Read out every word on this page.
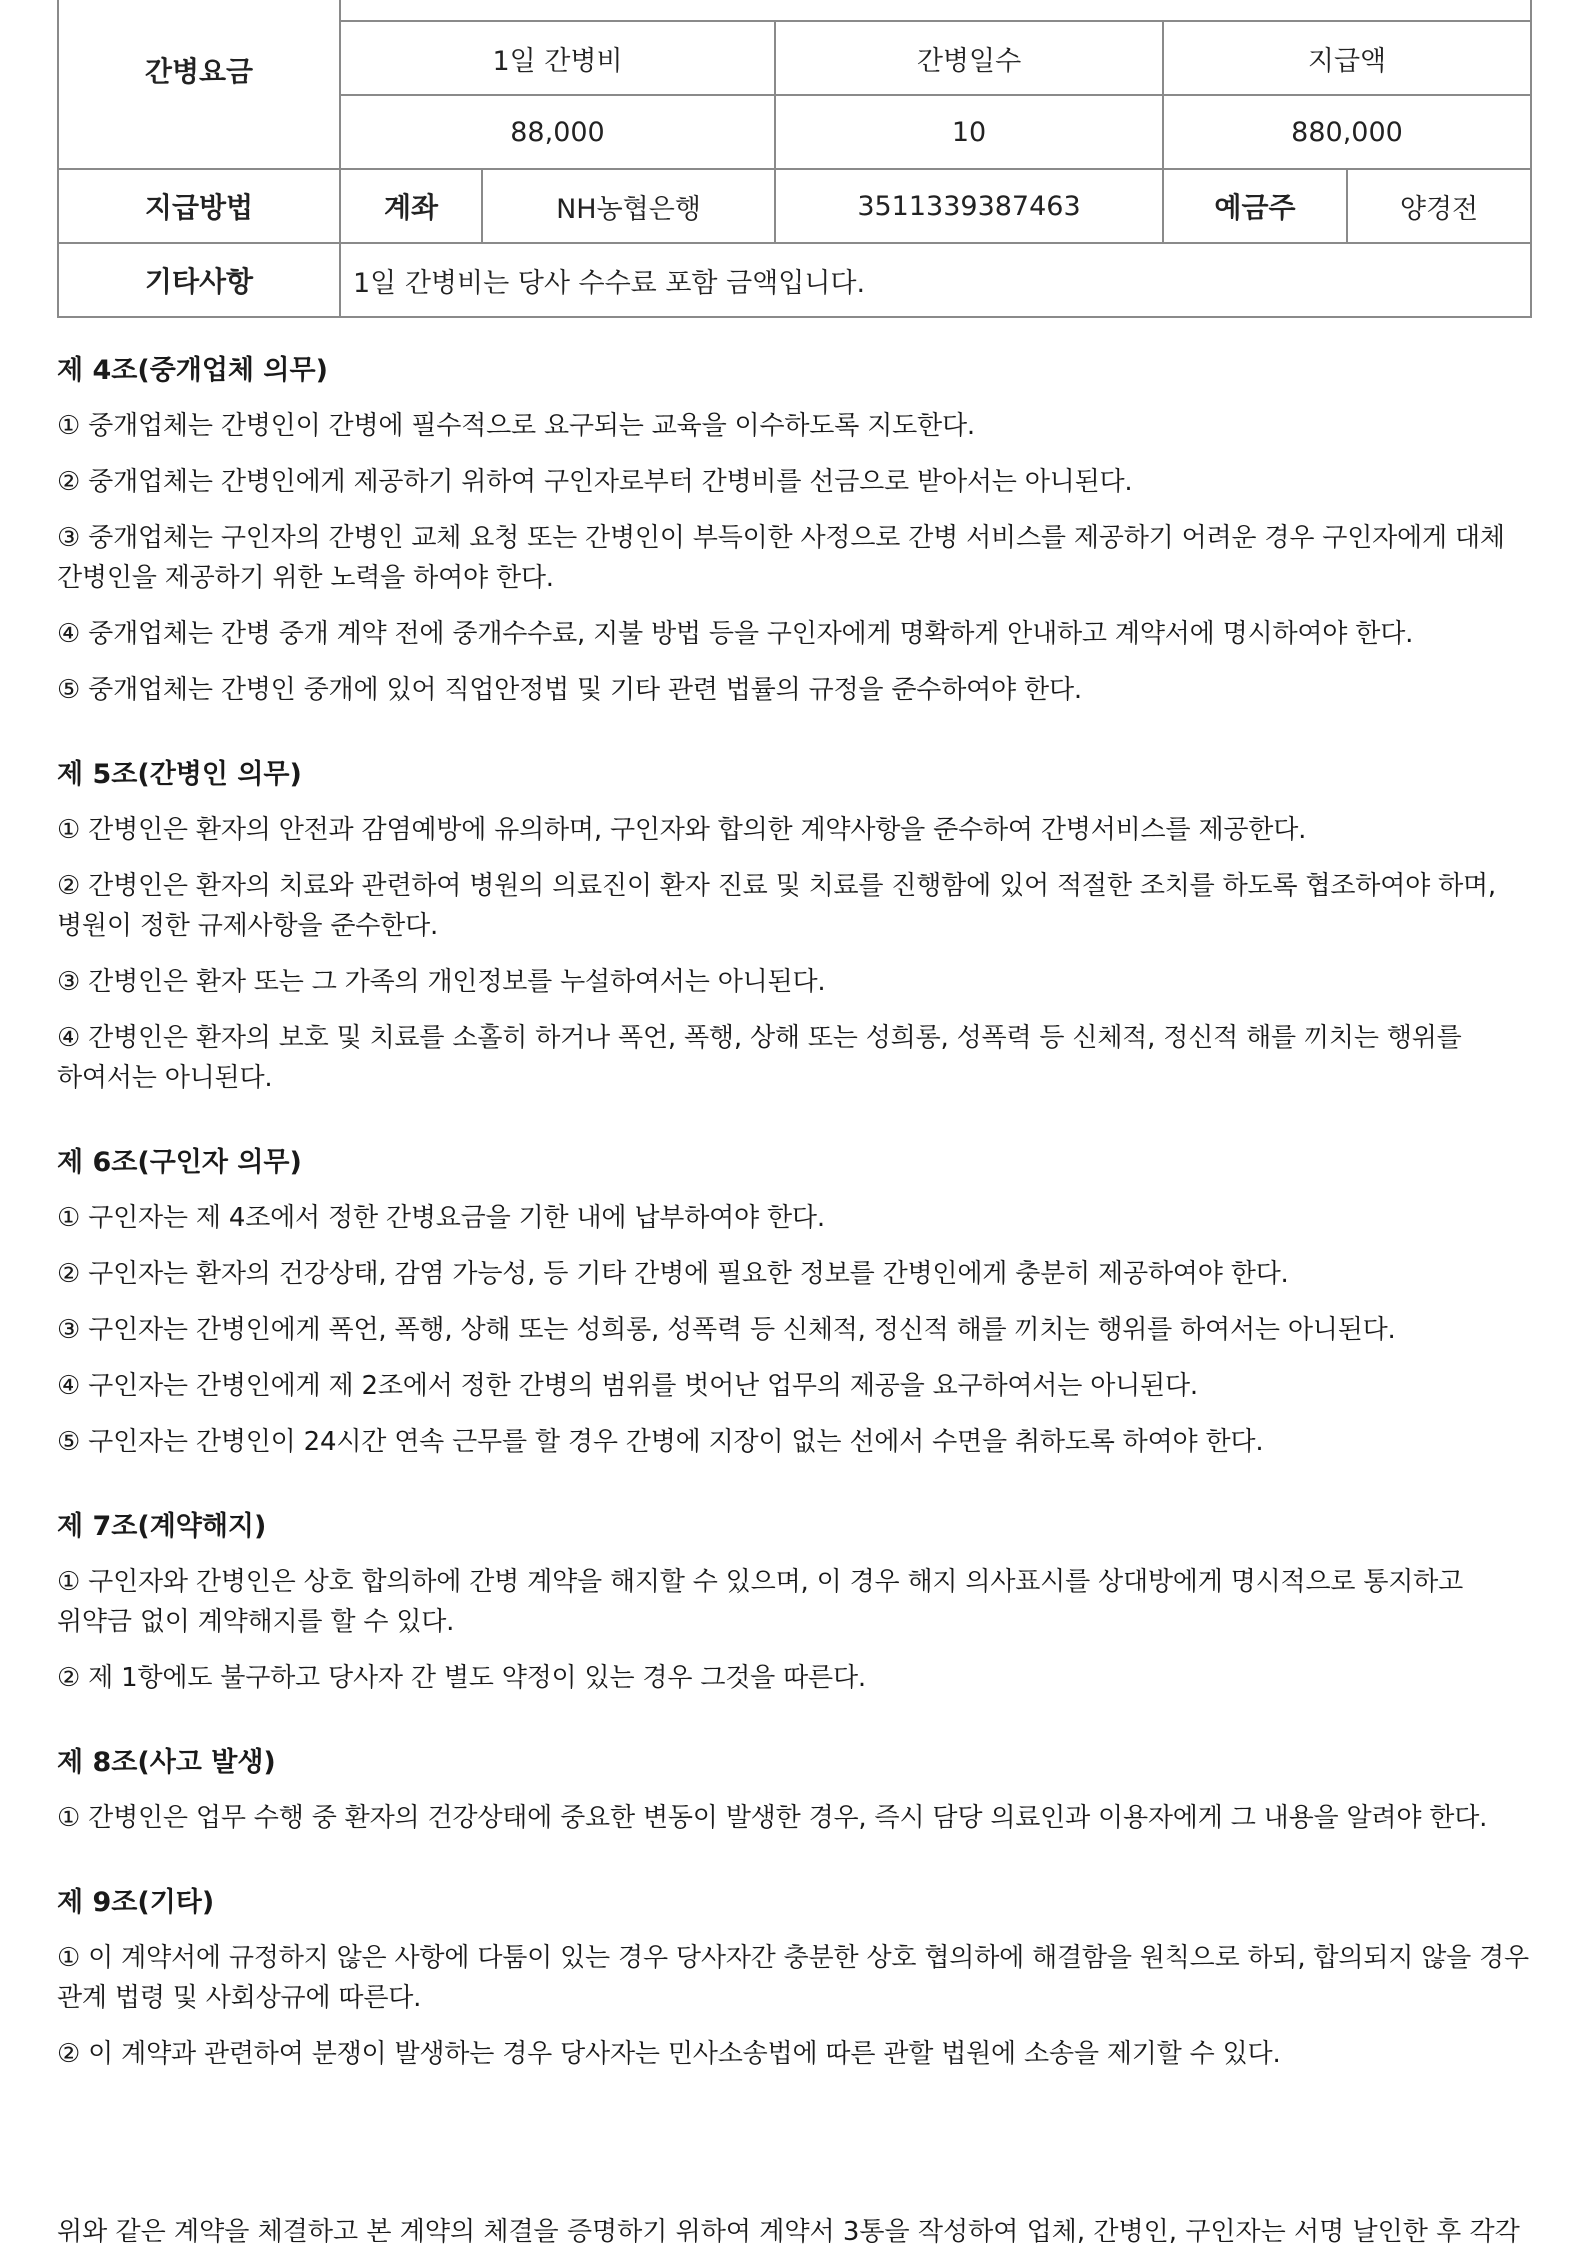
간병요금					
	1일 간병비		간병일수	지급액	
	88,000		10	880,000	
지급방법	계좌	NH농협은행	3511339387463	예금주	양경전
기타사항	1일 간병비는 당사 수수료 포함 금액입니다.				
제 4조(중개업체 의무)
① 중개업체는 간병인이 간병에 필수적으로 요구되는 교육을 이수하도록 지도한다.
② 중개업체는 간병인에게 제공하기 위하여 구인자로부터 간병비를 선금으로 받아서는 아니된다.
③ 중개업체는 구인자의 간병인 교체 요청 또는 간병인이 부득이한 사정으로 간병 서비스를 제공하기 어려운 경우 구인자에게 대체 간병인을 제공하기 위한 노력을 하여야 한다.
④ 중개업체는 간병 중개 계약 전에 중개수수료, 지불 방법 등을 구인자에게 명확하게 안내하고 계약서에 명시하여야 한다.
⑤ 중개업체는 간병인 중개에 있어 직업안정법 및 기타 관련 법률의 규정을 준수하여야 한다.
제 5조(간병인 의무)
① 간병인은 환자의 안전과 감염예방에 유의하며, 구인자와 합의한 계약사항을 준수하여 간병서비스를 제공한다.
② 간병인은 환자의 치료와 관련하여 병원의 의료진이 환자 진료 및 치료를 진행함에 있어 적절한 조치를 하도록 협조하여야 하며, 병원이 정한 규제사항을 준수한다.
③ 간병인은 환자 또는 그 가족의 개인정보를 누설하여서는 아니된다.
④ 간병인은 환자의 보호 및 치료를 소홀히 하거나 폭언, 폭행, 상해 또는 성희롱, 성폭력 등 신체적, 정신적 해를 끼치는 행위를 하여서는 아니된다.
제 6조(구인자 의무)
① 구인자는 제 4조에서 정한 간병요금을 기한 내에 납부하여야 한다.
② 구인자는 환자의 건강상태, 감염 가능성, 등 기타 간병에 필요한 정보를 간병인에게 충분히 제공하여야 한다.
③ 구인자는 간병인에게 폭언, 폭행, 상해 또는 성희롱, 성폭력 등 신체적, 정신적 해를 끼치는 행위를 하여서는 아니된다.
④ 구인자는 간병인에게 제 2조에서 정한 간병의 범위를 벗어난 업무의 제공을 요구하여서는 아니된다.
⑤ 구인자는 간병인이 24시간 연속 근무를 할 경우 간병에 지장이 없는 선에서 수면을 취하도록 하여야 한다.
제 7조(계약해지)
① 구인자와 간병인은 상호 합의하에 간병 계약을 해지할 수 있으며, 이 경우 해지 의사표시를 상대방에게 명시적으로 통지하고 위약금 없이 계약해지를 할 수 있다.
② 제 1항에도 불구하고 당사자 간 별도 약정이 있는 경우 그것을 따른다.
제 8조(사고 발생)
① 간병인은 업무 수행 중 환자의 건강상태에 중요한 변동이 발생한 경우, 즉시 담당 의료인과 이용자에게 그 내용을 알려야 한다.
제 9조(기타)
① 이 계약서에 규정하지 않은 사항에 다툼이 있는 경우 당사자간 충분한 상호 협의하에 해결함을 원칙으로 하되, 합의되지 않을 경우 관계 법령 및 사회상규에 따른다.
② 이 계약과 관련하여 분쟁이 발생하는 경우 당사자는 민사소송법에 따른 관할 법원에 소송을 제기할 수 있다.
위와 같은 계약을 체결하고 본 계약의 체결을 증명하기 위하여 계약서 3통을 작성하여 업체, 간병인, 구인자는 서명 날인한 후 각각
